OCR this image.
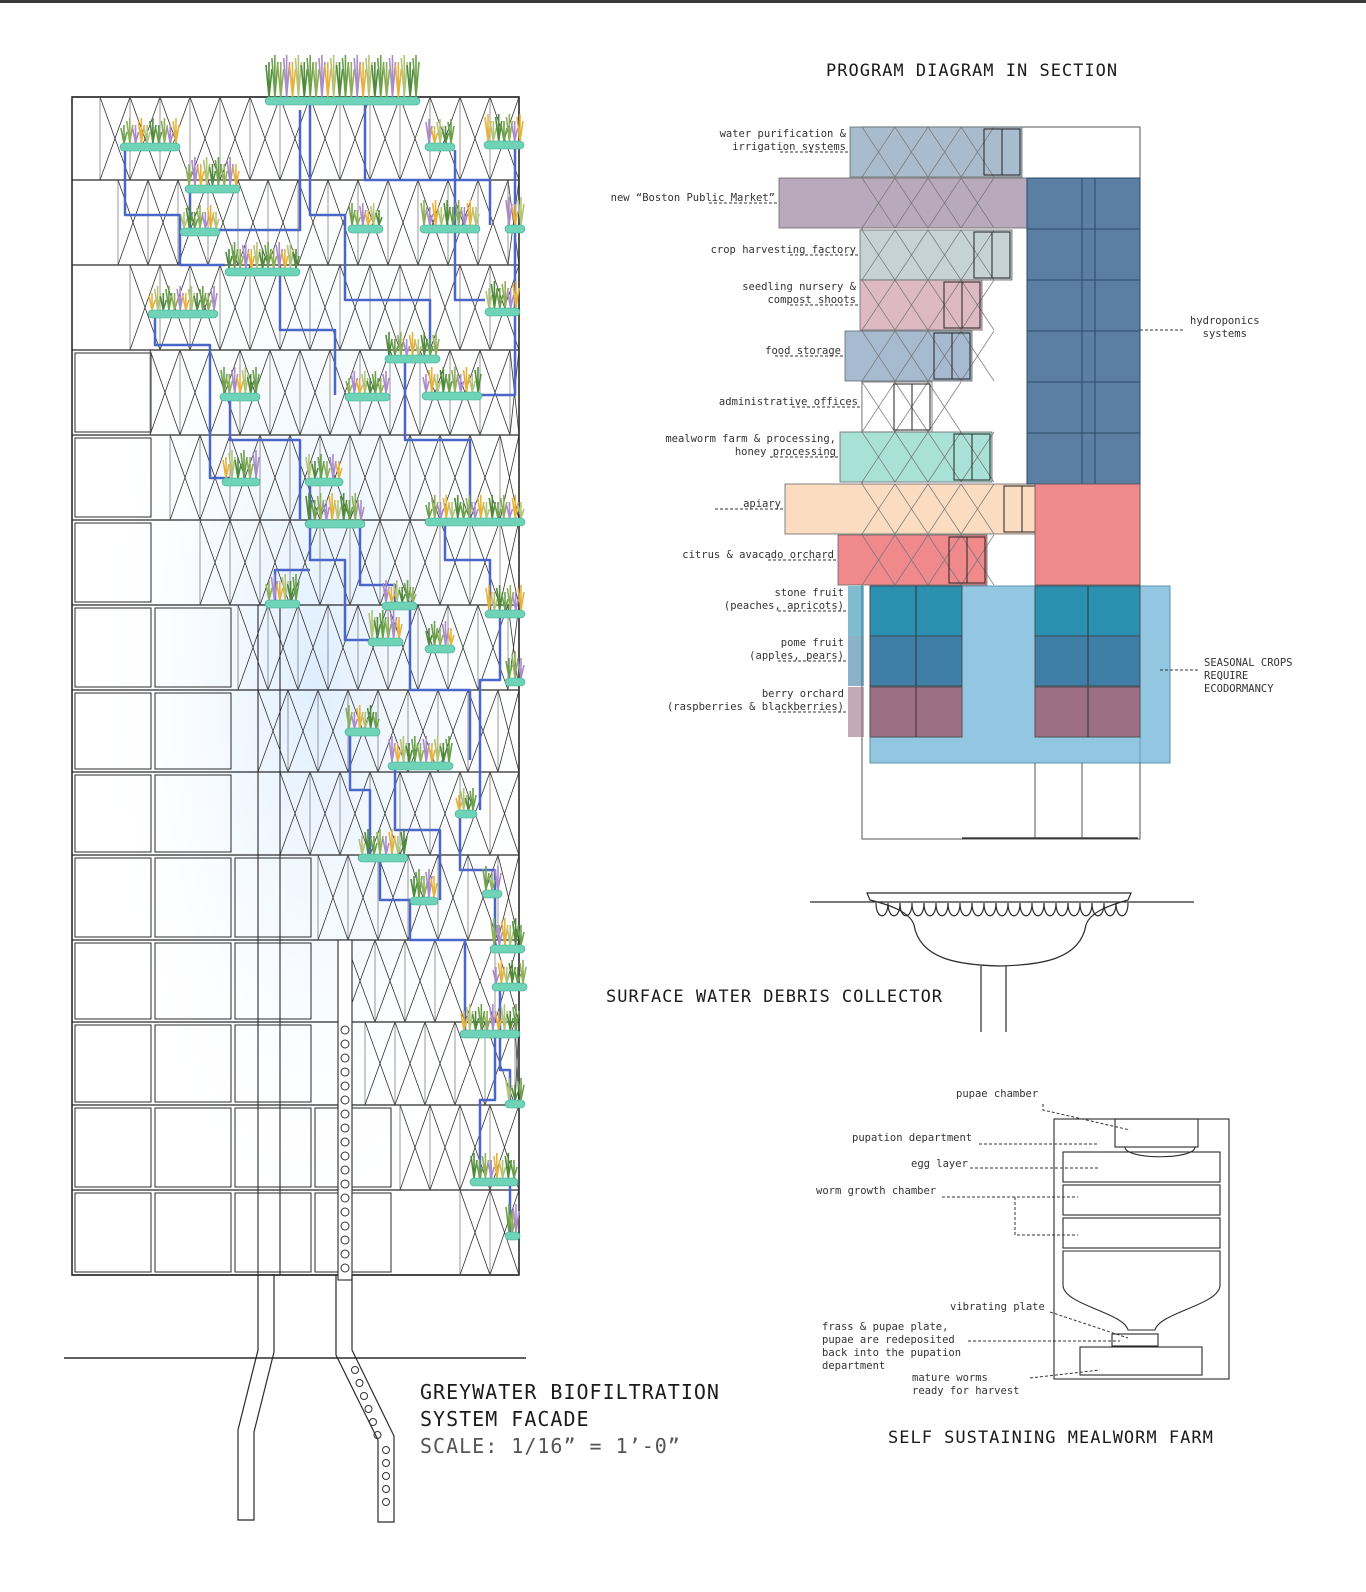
GREYWATER BIOFILTRATION
SYSTEM FACADE
SCALE: 1/16” = 1’-0”
PROGRAM DIAGRAM IN SECTION
water purification &
irrigation systems
new “Boston Public Market”
crop harvesting factory
seedling nursery &
compost shoots
food storage
administrative offices
mealworm farm & processing,
honey processing
apiary
citrus & avacado orchard
stone fruit
(peaches, apricots)
pome fruit
(apples, pears)
berry orchard
(raspberries & blackberries)
hydroponics
systems
SEASONAL CROPS
REQUIRE
ECODORMANCY
SURFACE WATER DEBRIS COLLECTOR
pupae chamber
pupation department
egg layer
worm growth chamber
vibrating plate
frass & pupae plate,
pupae are redeposited
back into the pupation
department
mature worms
ready for harvest
SELF SUSTAINING MEALWORM FARM
